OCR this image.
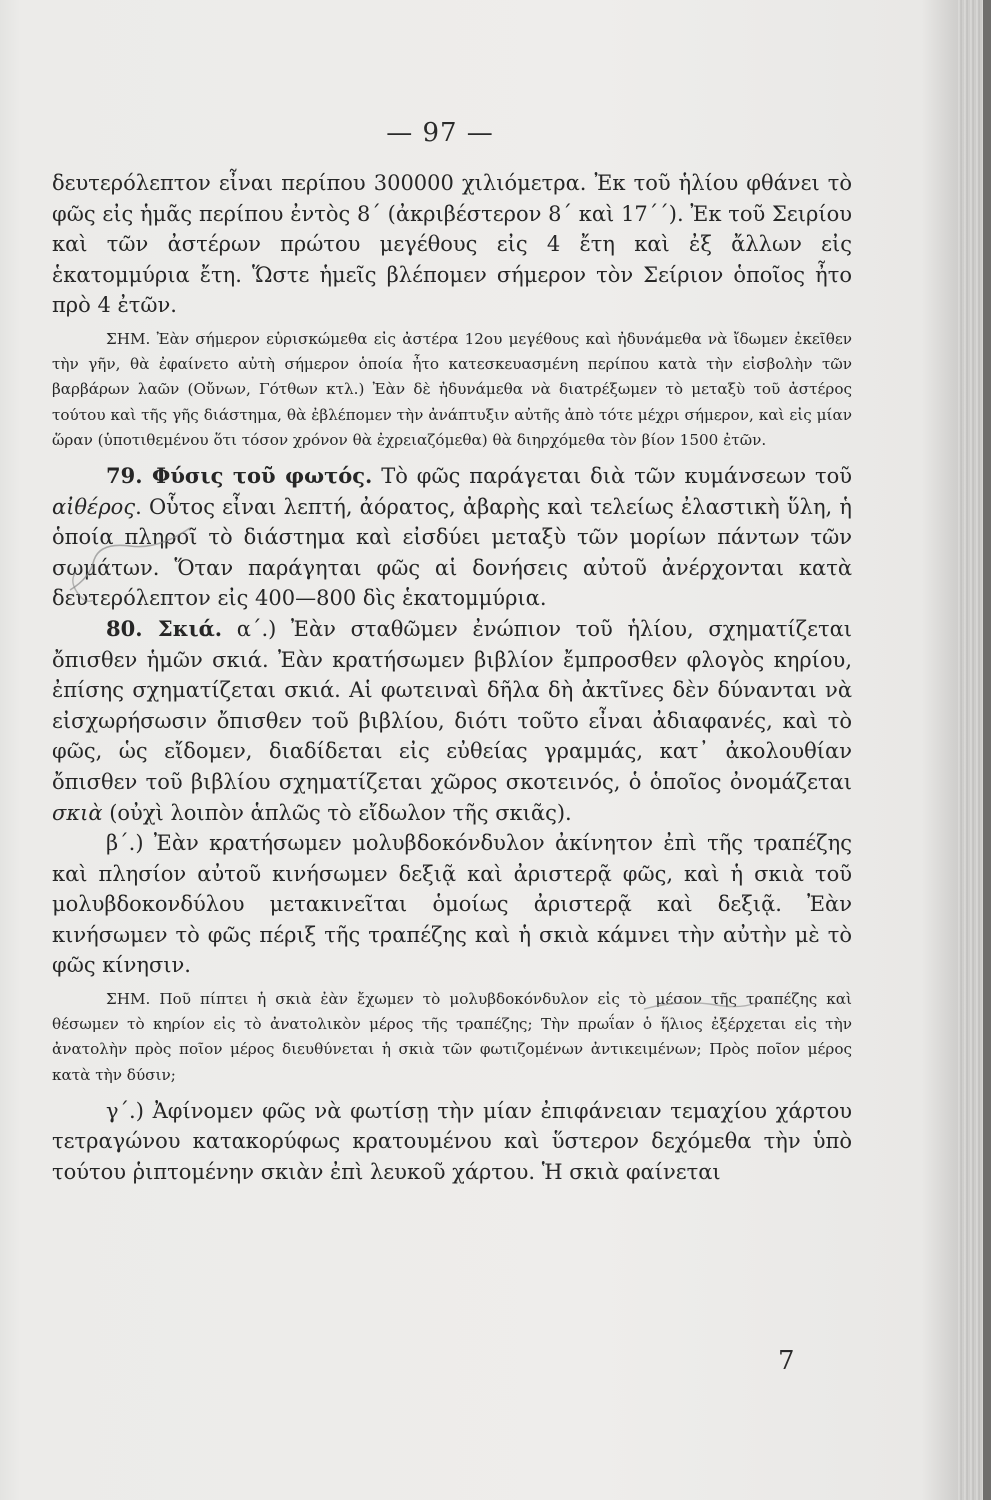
— 97 —

δευτερόλεπτον εἶναι περίπου 300000 χιλιόμετρα. Ἐκ τοῦ ἡλίου φθάνει τὸ φῶς εἰς ἡμᾶς περίπου ἐντὸς 8΄ (ἀκριβέστερον 8΄ καὶ 17΄΄). Ἐκ τοῦ Σειρίου καὶ τῶν ἀστέρων πρώτου μεγέθους εἰς 4 ἔτη καὶ ἐξ ἄλλων εἰς ἑκατομμύρια ἔτη. Ὥστε ἡμεῖς βλέπομεν σήμερον τὸν Σείριον ὁποῖος ἦτο πρὸ 4 ἐτῶν.

ΣΗΜ. Ἐὰν σήμερον εὑρισκώμεθα εἰς ἀστέρα 12ου μεγέθους καὶ ἠδυνάμεθα νὰ ἴδωμεν ἐκεῖθεν τὴν γῆν, θὰ ἐφαίνετο αὐτὴ σήμερον ὁποία ἦτο κατεσκευασμένη περίπου κατὰ τὴν εἰσβολὴν τῶν βαρβάρων λαῶν (Οὔνων, Γότθων κτλ.) Ἐὰν δὲ ἠδυνάμεθα νὰ διατρέξωμεν τὸ μεταξὺ τοῦ ἀστέρος τούτου καὶ τῆς γῆς διάστημα, θὰ ἐβλέπομεν τὴν ἀνάπτυξιν αὐτῆς ἀπὸ τότε μέχρι σήμερον, καὶ εἰς μίαν ὥραν (ὑποτιθεμένου ὅτι τόσον χρόνον θὰ ἐχρειαζόμεθα) θὰ διηρχόμεθα τὸν βίον 1500 ἐτῶν.

79. Φύσις τοῦ φωτός. Τὸ φῶς παράγεται διὰ τῶν κυμάνσεων τοῦ αἰθέρος. Οὗτος εἶναι λεπτή, ἀόρατος, ἀβαρὴς καὶ τελείως ἐλαστικὴ ὕλη, ἡ ὁποία πληροῖ τὸ διάστημα καὶ εἰσδύει μεταξὺ τῶν μορίων πάντων τῶν σωμάτων. Ὅταν παράγηται φῶς αἱ δονήσεις αὐτοῦ ἀνέρχονται κατὰ δευτερόλεπτον εἰς 400—800 δὶς ἑκατομμύρια.

80. Σκιά. α΄.) Ἐὰν σταθῶμεν ἐνώπιον τοῦ ἡλίου, σχηματίζεται ὄπισθεν ἡμῶν σκιά. Ἐὰν κρατήσωμεν βιβλίον ἔμπροσθεν φλογὸς κηρίου, ἐπίσης σχηματίζεται σκιά. Αἱ φωτειναὶ δῆλα δὴ ἀκτῖνες δὲν δύνανται νὰ εἰσχωρήσωσιν ὄπισθεν τοῦ βιβλίου, διότι τοῦτο εἶναι ἀδιαφανές, καὶ τὸ φῶς, ὡς εἴδομεν, διαδίδεται εἰς εὐθείας γραμμάς, κατ᾿ ἀκολουθίαν ὄπισθεν τοῦ βιβλίου σχηματίζεται χῶρος σκοτεινός, ὁ ὁποῖος ὀνομάζεται σκιὰ (οὐχὶ λοιπὸν ἁπλῶς τὸ εἴδωλον τῆς σκιᾶς).

β΄.) Ἐὰν κρατήσωμεν μολυβδοκόνδυλον ἀκίνητον ἐπὶ τῆς τραπέζης καὶ πλησίον αὐτοῦ κινήσωμεν δεξιᾷ καὶ ἀριστερᾷ φῶς, καὶ ἡ σκιὰ τοῦ μολυβδοκονδύλου μετακινεῖται ὁμοίως ἀριστερᾷ καὶ δεξιᾷ. Ἐὰν κινήσωμεν τὸ φῶς πέριξ τῆς τραπέζης καὶ ἡ σκιὰ κάμνει τὴν αὐτὴν μὲ τὸ φῶς κίνησιν.

ΣΗΜ. Ποῦ πίπτει ἡ σκιὰ ἐὰν ἔχωμεν τὸ μολυβδοκόνδυλον εἰς τὸ μέσον τῆς τραπέζης καὶ θέσωμεν τὸ κηρίον εἰς τὸ ἀνατολικὸν μέρος τῆς τραπέζης; Τὴν πρωΐαν ὁ ἥλιος ἐξέρχεται εἰς τὴν ἀνατολὴν πρὸς ποῖον μέρος διευθύνεται ἡ σκιὰ τῶν φωτιζομένων ἀντικειμένων; Πρὸς ποῖον μέρος κατὰ τὴν δύσιν;

γ΄.) Ἀφίνομεν φῶς νὰ φωτίσῃ τὴν μίαν ἐπιφάνειαν τεμαχίου χάρτου τετραγώνου κατακορύφως κρατουμένου καὶ ὕστερον δεχόμεθα τὴν ὑπὸ τούτου ῥιπτομένην σκιὰν ἐπὶ λευκοῦ χάρτου. Ἡ σκιὰ φαίνεται

7
